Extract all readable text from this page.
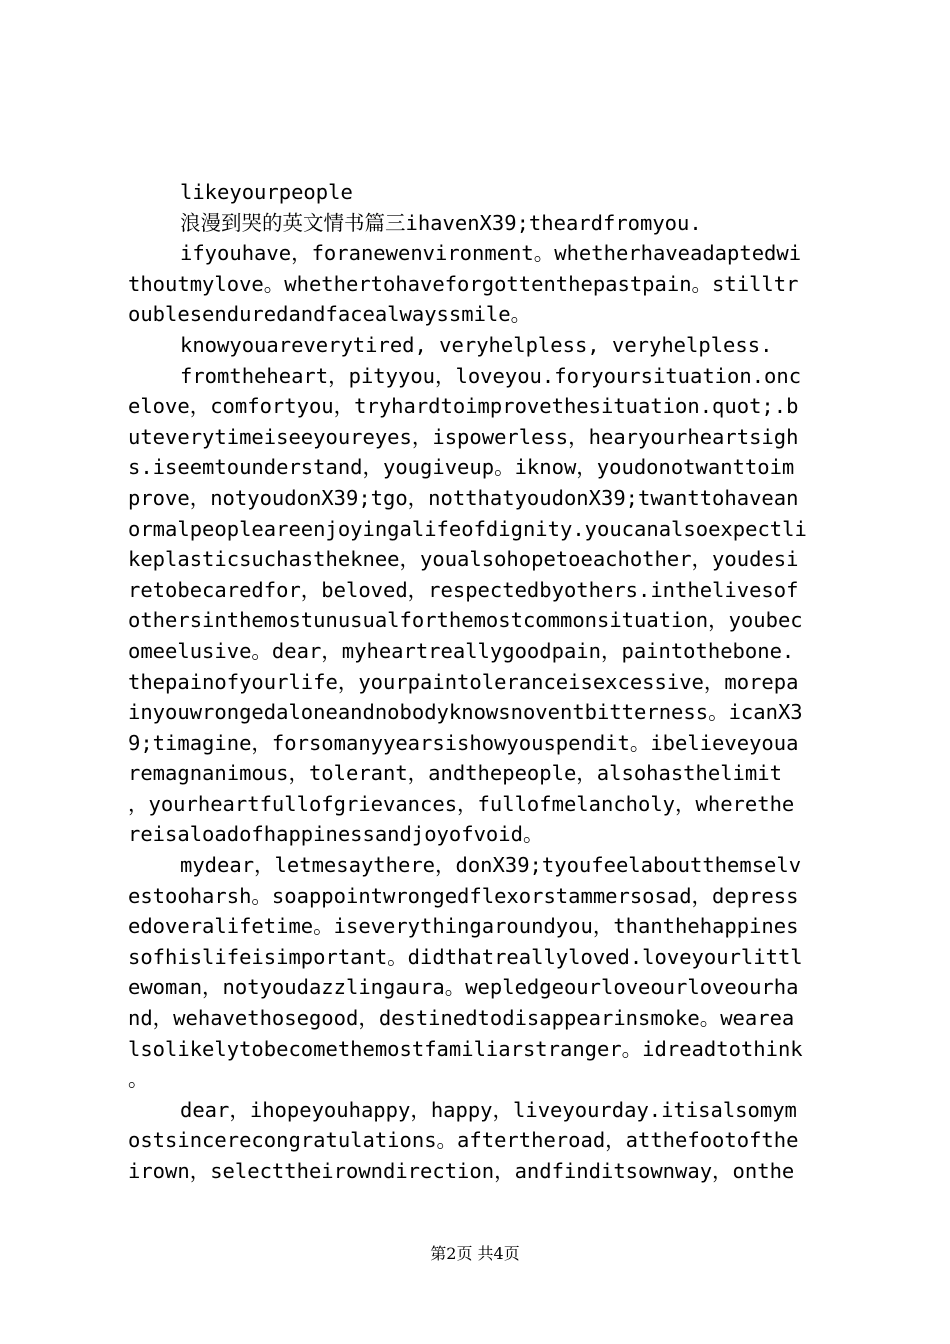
likeyourpeople
浪漫到哭的英文情书篇三ihavenX39;theardfromyou.
ifyouhave，foranewenvironment。whetherhaveadaptedwi
thoutmylove。whethertohaveforgottenthepastpain。stilltr
oublesenduredandfacealwayssmile。
knowyouareverytired, veryhelpless, veryhelpless.
fromtheheart，pityyou，loveyou.foryoursituation.onc
elove，comfortyou，tryhardtoimprovethesituation.quot;.b
uteverytimeiseeyoureyes，ispowerless，hearyourheartsigh
s.iseemtounderstand，yougiveup。iknow，youdonotwanttoim
prove，notyoudonX39;tgo，notthatyoudonX39;twanttohavean
ormalpeopleareenjoyingalifeofdignity.youcanalsoexpectli
keplasticsuchastheknee，youalsohopetoeachother，youdesi
retobecaredfor，beloved，respectedbyothers.inthelivesof
othersinthemostunusualforthemostcommonsituation，youbec
omeelusive。dear，myheartreallygoodpain，paintothebone.
thepainofyourlife，yourpaintoleranceisexcessive，morepa
inyouwrongedaloneandnobodyknowsnoventbitterness。icanX3
9;timagine，forsomanyyearsishowyouspendit。ibelieveyoua
remagnanimous，tolerant，andthepeople，alsohasthelimit
，yourheartfullofgrievances，fullofmelancholy，wherethe
reisaloadofhappinessandjoyofvoid。
mydear，letmesaythere，donX39;tyoufeelaboutthemselv
estooharsh。soappointwrongedflexorstammersosad，depress
edoveralifetime。iseverythingaroundyou，thanthehappines
sofhislifeisimportant。didthatreallyloved.loveyourlittl
ewoman，notyoudazzlingaura。wepledgeourloveourloveourha
nd，wehavethosegood，destinedtodisappearinsmoke。wearea
lsolikelytobecomethemostfamiliarstranger。idreadtothink
。
dear，ihopeyouhappy，happy，liveyourday.itisalsomym
ostsincerecongratulations。aftertheroad，atthefootofthe
irown，selecttheirowndirection，andfinditsownway，onthe
第2页 共4页
